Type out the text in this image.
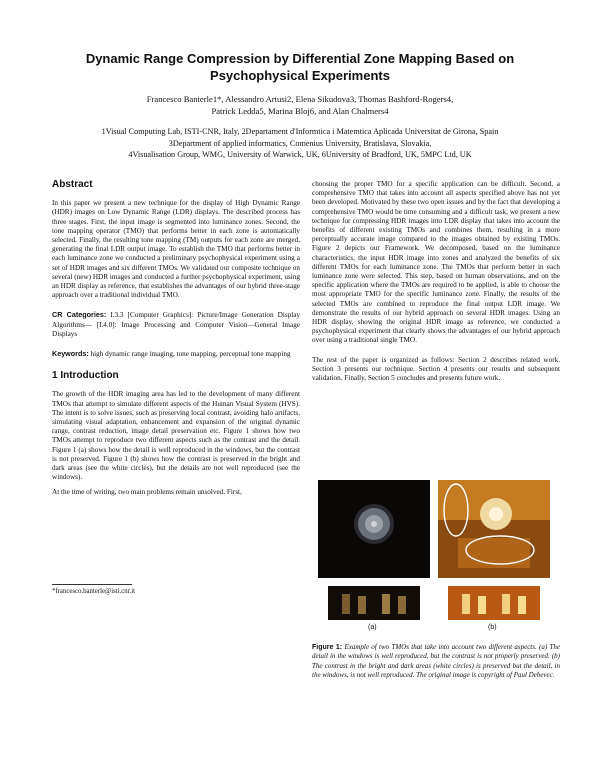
Dynamic Range Compression by Differential Zone Mapping Based on Psychophysical Experiments
Francesco Banterle1*, Alessandro Artusi2, Elena Sikudova3, Thomas Bashford-Rogers4,
Patrick Ledda5, Marina Bloj6, and Alan Chalmers4
1Visual Computing Lab, ISTI-CNR, Italy, 2Departament d'Informtica i Matemtica Aplicada Universitat de Girona, Spain
3Department of applied informatics, Comenius University, Bratislava, Slovakia,
4Visualisation Group, WMG, University of Warwick, UK, 6University of Bradford, UK, 5MPC Ltd, UK
Abstract

In this paper we present a new technique for the display of High Dynamic Range (HDR) images on Low Dynamic Range (LDR) displays. The described process has three stages. First, the input image is segmented into luminance zones. Second, the tone mapping operator (TMO) that performs better in each zone is automatically selected. Finally, the resulting tone mapping (TM) outputs for each zone are merged, generating the final LDR output image. To establish the TMO that performs better in each luminance zone we conducted a preliminary psychophysical experiment using a set of HDR images and six different TMOs. We validated our composite technique on several (new) HDR images and conducted a further psychophysical experiment, using an HDR display as reference, that establishes the advantages of our hybrid three-stage approach over a traditional individual TMO.

CR Categories: I.3.3 [Computer Graphics]: Picture/Image Generation Display Algorithms— [I.4.0]: Image Processing and Computer Vision—General Image Displays

Keywords: high dynamic range imaging, tone mapping, perceptual tone mapping

1 Introduction

The growth of the HDR imaging area has led to the development of many different TMOs that attempt to simulate different aspects of the Human Visual System (HVS). The intent is to solve issues, such as preserving local contrast, avoiding halo artifacts, simulating visual adaptation, enhancement and expansion of the original dynamic range, contrast reduction, image detail preservation etc. Figure 1 shows how two TMOs attempt to reproduce two different aspects such as the contrast and the detail. Figure 1 (a) shows how the detail is well reproduced in the windows, but the contrast is not preserved. Figure 1 (b) shows how the contrast is preserved in the bright and dark areas (see the white circles), but the details are not well reproduced (see the windows).

At the time of writing, two main problems remain unsolved. First,

*francesco.banterle@isti.cnr.it

choosing the proper TMO for a specific application can be difficult. Second, a comprehensive TMO that takes into account all aspects specified above has not yet been developed. Motivated by these two open issues and by the fact that developing a comprehensive TMO would be time consuming and a difficult task, we present a new technique for compressing HDR images into LDR display that takes into account the benefits of different existing TMOs and combines them, resulting in a more perceptually accurate image compared to the images obtained by existing TMOs. Figure 2 depicts our Framework. We decomposed, based on the luminance characteristics, the input HDR image into zones and analyzed the benefits of six different TMOs for each luminance zone. The TMOs that perform better in each luminance zone were selected. This step, based on human observations, and on the specific application where the TMOs are required to be applied, is able to choose the most appropriate TMO for the specific luminance zone. Finally, the results of the selected TMOs are combined to reproduce the final output LDR image. We demonstrate the results of our hybrid approach on several HDR images. Using an HDR display, showing the original HDR image as reference, we conducted a psychophysical experiment that clearly shows the advantages of our hybrid approach over using a traditional single TMO.

The rest of the paper is organized as follows: Section 2 describes related work. Section 3 presents our technique. Section 4 presents our results and subsequent validation. Finally, Section 5 concludes and presents future work.

(a)	(b)
Figure 1: Example of two TMOs that take into account two different aspects. (a) The detail in the windows is well reproduced, but the contrast is not properly preserved. (b) The contrast in the bright and dark areas (white circles) is preserved but the detail, in the windows, is not well reproduced. The original image is copyright of Paul Debevec.
